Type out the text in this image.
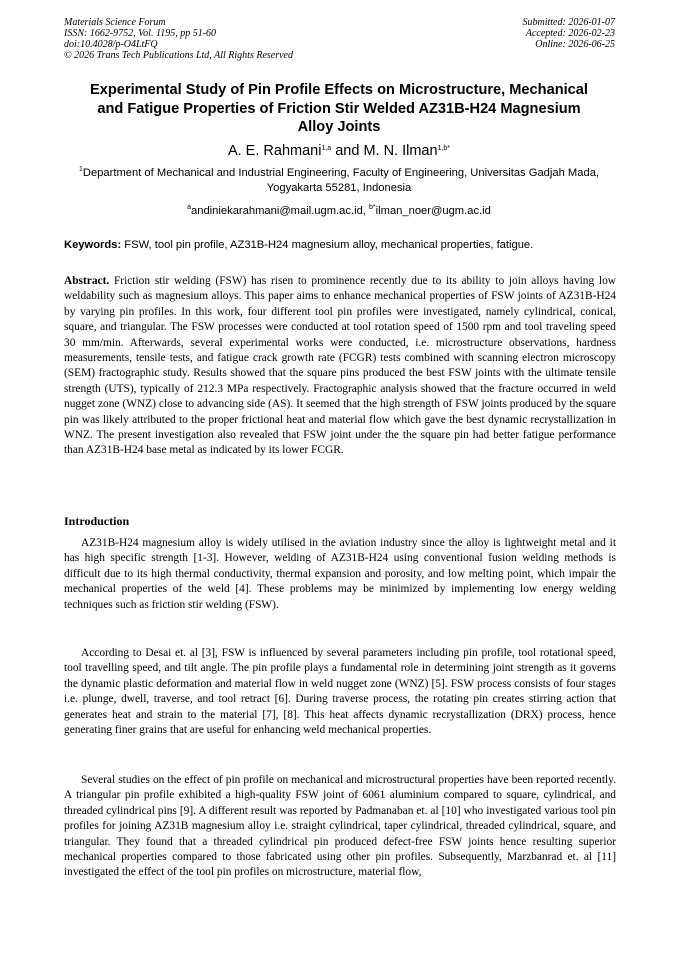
Materials Science Forum
ISSN: 1662-9752, Vol. 1195, pp 51-60
doi:10.4028/p-O4LtFQ
© 2026 Trans Tech Publications Ltd, All Rights Reserved
Submitted: 2026-01-07
Accepted: 2026-02-23
Online: 2026-06-25
Experimental Study of Pin Profile Effects on Microstructure, Mechanical
and Fatigue Properties of Friction Stir Welded AZ31B-H24 Magnesium
Alloy Joints
A. E. Rahmani$^{1,a}$ and M. N. Ilman$^{1,b*}$
$^1$Department of Mechanical and Industrial Engineering, Faculty of Engineering, Universitas Gadjah Mada, Yogyakarta 55281, Indonesia
$^a$andiniekarahmani@mail.ugm.ac.id, $^{b*}$ilman_noer@ugm.ac.id
Keywords: FSW, tool pin profile, AZ31B-H24 magnesium alloy, mechanical properties, fatigue.
Abstract. Friction stir welding (FSW) has risen to prominence recently due to its ability to join alloys having low weldability such as magnesium alloys. This paper aims to enhance mechanical properties of FSW joints of AZ31B-H24 by varying pin profiles. In this work, four different tool pin profiles were investigated, namely cylindrical, conical, square, and triangular. The FSW processes were conducted at tool rotation speed of 1500 rpm and tool traveling speed 30 mm/min. Afterwards, several experimental works were conducted, i.e. microstructure observations, hardness measurements, tensile tests, and fatigue crack growth rate (FCGR) tests combined with scanning electron microscopy (SEM) fractographic study. Results showed that the square pins produced the best FSW joints with the ultimate tensile strength (UTS), typically of 212.3 MPa respectively. Fractographic analysis showed that the fracture occurred in weld nugget zone (WNZ) close to advancing side (AS). It seemed that the high strength of FSW joints produced by the square pin was likely attributed to the proper frictional heat and material flow which gave the best dynamic recrystallization in WNZ. The present investigation also revealed that FSW joint under the the square pin had better fatigue performance than AZ31B-H24 base metal as indicated by its lower FCGR.
Introduction
AZ31B-H24 magnesium alloy is widely utilised in the aviation industry since the alloy is lightweight metal and it has high specific strength [1-3]. However, welding of AZ31B-H24 using conventional fusion welding methods is difficult due to its high thermal conductivity, thermal expansion and porosity, and low melting point, which impair the mechanical properties of the weld [4]. These problems may be minimized by implementing low energy welding techniques such as friction stir welding (FSW).
According to Desai et. al [3], FSW is influenced by several parameters including pin profile, tool rotational speed, tool travelling speed, and tilt angle. The pin profile plays a fundamental role in determining joint strength as it governs the dynamic plastic deformation and material flow in weld nugget zone (WNZ) [5]. FSW process consists of four stages i.e. plunge, dwell, traverse, and tool retract [6]. During traverse process, the rotating pin creates stirring action that generates heat and strain to the material [7], [8]. This heat affects dynamic recrystallization (DRX) process, hence generating finer grains that are useful for enhancing weld mechanical properties.
Several studies on the effect of pin profile on mechanical and microstructural properties have been reported recently. A triangular pin profile exhibited a high-quality FSW joint of 6061 aluminium compared to square, cylindrical, and threaded cylindrical pins [9]. A different result was reported by Padmanaban et. al [10] who investigated various tool pin profiles for joining AZ31B magnesium alloy i.e. straight cylindrical, taper cylindrical, threaded cylindrical, square, and triangular. They found that a threaded cylindrical pin produced defect-free FSW joints hence resulting superior mechanical properties compared to those fabricated using other pin profiles. Subsequently, Marzbanrad et. al [11] investigated the effect of the tool pin profiles on microstructure, material flow,
